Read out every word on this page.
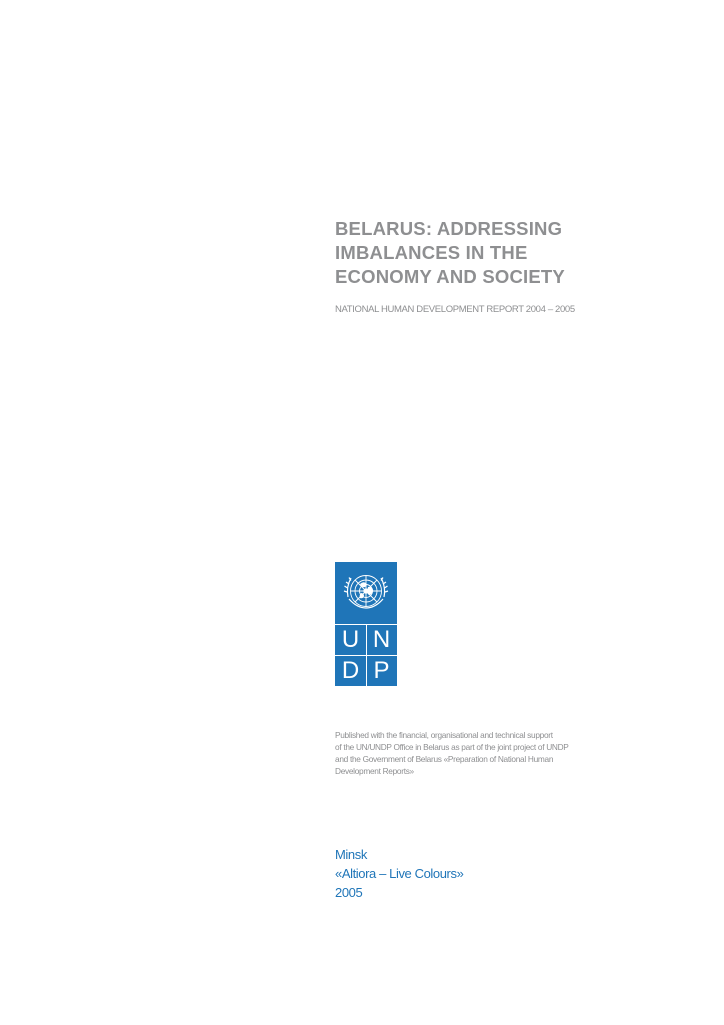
BELARUS: ADDRESSING
IMBALANCES IN THE
ECONOMY AND SOCIETY

NATIONAL HUMAN DEVELOPMENT REPORT 2004 – 2005

U N
D P

Published with the financial, organisational and technical support
of the UN/UNDP Office in Belarus as part of the joint project of UNDP
and the Government of Belarus «Preparation of National Human
Development Reports»

Minsk
«Altiora – Live Colours»
2005
